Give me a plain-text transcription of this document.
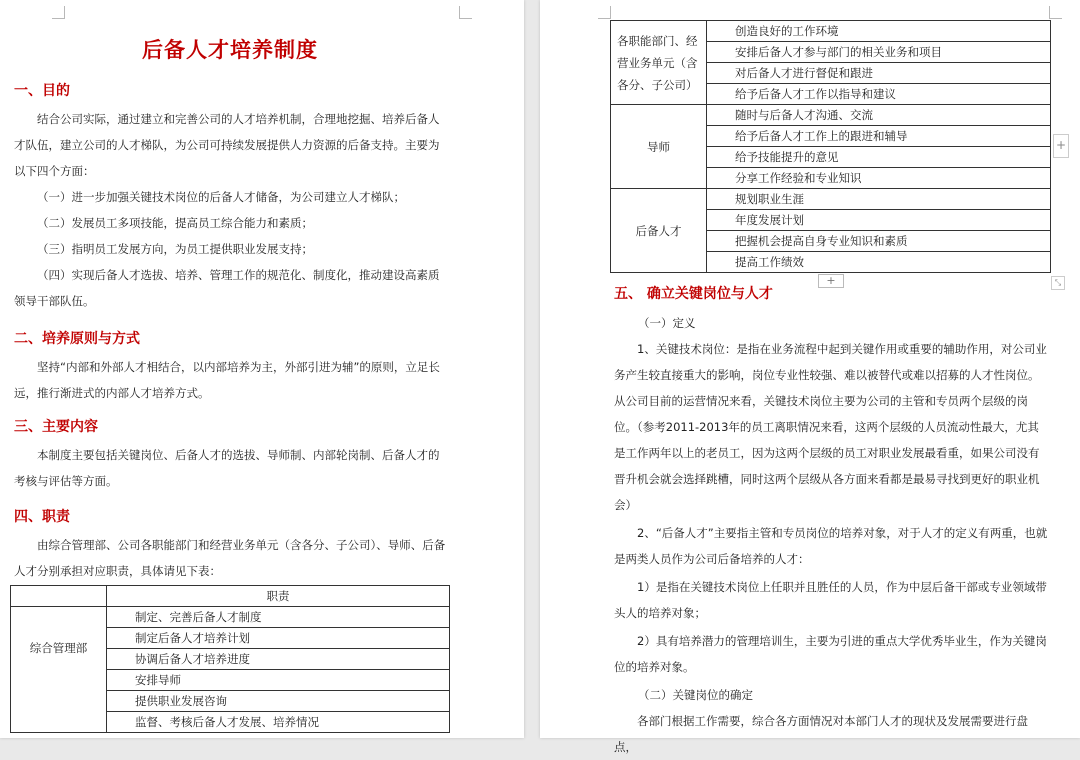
后备人才培养制度
一、目的

结合公司实际，通过建立和完善公司的人才培养机制，合理地挖掘、培养后备人才队伍，建立公司的人才梯队，为公司可持续发展提供人力资源的后备支持。主要为以下四个方面：

（一）进一步加强关键技术岗位的后备人才储备，为公司建立人才梯队；

（二）发展员工多项技能，提高员工综合能力和素质；

（三）指明员工发展方向，为员工提供职业发展支持；

（四）实现后备人才选拔、培养、管理工作的规范化、制度化，推动建设高素质领导干部队伍。

二、培养原则与方式

坚持“内部和外部人才相结合，以内部培养为主，外部引进为辅”的原则，立足长远，推行渐进式的内部人才培养方式。

三、主要内容

本制度主要包括关键岗位、后备人才的选拔、导师制、内部轮岗制、后备人才的考核与评估等方面。

四、职责

由综合管理部、公司各职能部门和经营业务单元（含各分、子公司）、导师、后备人才分别承担对应职责，具体请见下表：

	职责
综合管理部	制定、完善后备人才制度
	制定后备人才培养计划
	协调后备人才培养进度
	安排导师
	提供职业发展咨询
	监督、考核后备人才发展、培养情况
各职能部门、经营业务单元（含各分、子公司）	创造良好的工作环境
	安排后备人才参与部门的相关业务和项目
	对后备人才进行督促和跟进
	给予后备人才工作以指导和建议
导师	随时与后备人才沟通、交流
	给予后备人才工作上的跟进和辅导
	给予技能提升的意见
	分享工作经验和专业知识
后备人才	规划职业生涯
	年度发展计划
	把握机会提高自身专业知识和素质
	提高工作绩效
+
+	⤡
五、 确立关键岗位与人才

（一）定义

1、关键技术岗位：是指在业务流程中起到关键作用或重要的辅助作用，对公司业务产生较直接重大的影响，岗位专业性较强、难以被替代或难以招募的人才性岗位。从公司目前的运营情况来看，关键技术岗位主要为公司的主管和专员两个层级的岗位。（参考2011-2013年的员工离职情况来看，这两个层级的人员流动性最大，尤其是工作两年以上的老员工，因为这两个层级的员工对职业发展最看重，如果公司没有晋升机会就会选择跳槽，同时这两个层级从各方面来看都是最易寻找到更好的职业机会）

2、“后备人才”主要指主管和专员岗位的培养对象，对于人才的定义有两重，也就是两类人员作为公司后备培养的人才：

1）是指在关键技术岗位上任职并且胜任的人员，作为中层后备干部或专业领域带头人的培养对象；

2）具有培养潜力的管理培训生，主要为引进的重点大学优秀毕业生，作为关键岗位的培养对象。

（二）关键岗位的确定

各部门根据工作需要，综合各方面情况对本部门人才的现状及发展需要进行盘点，
